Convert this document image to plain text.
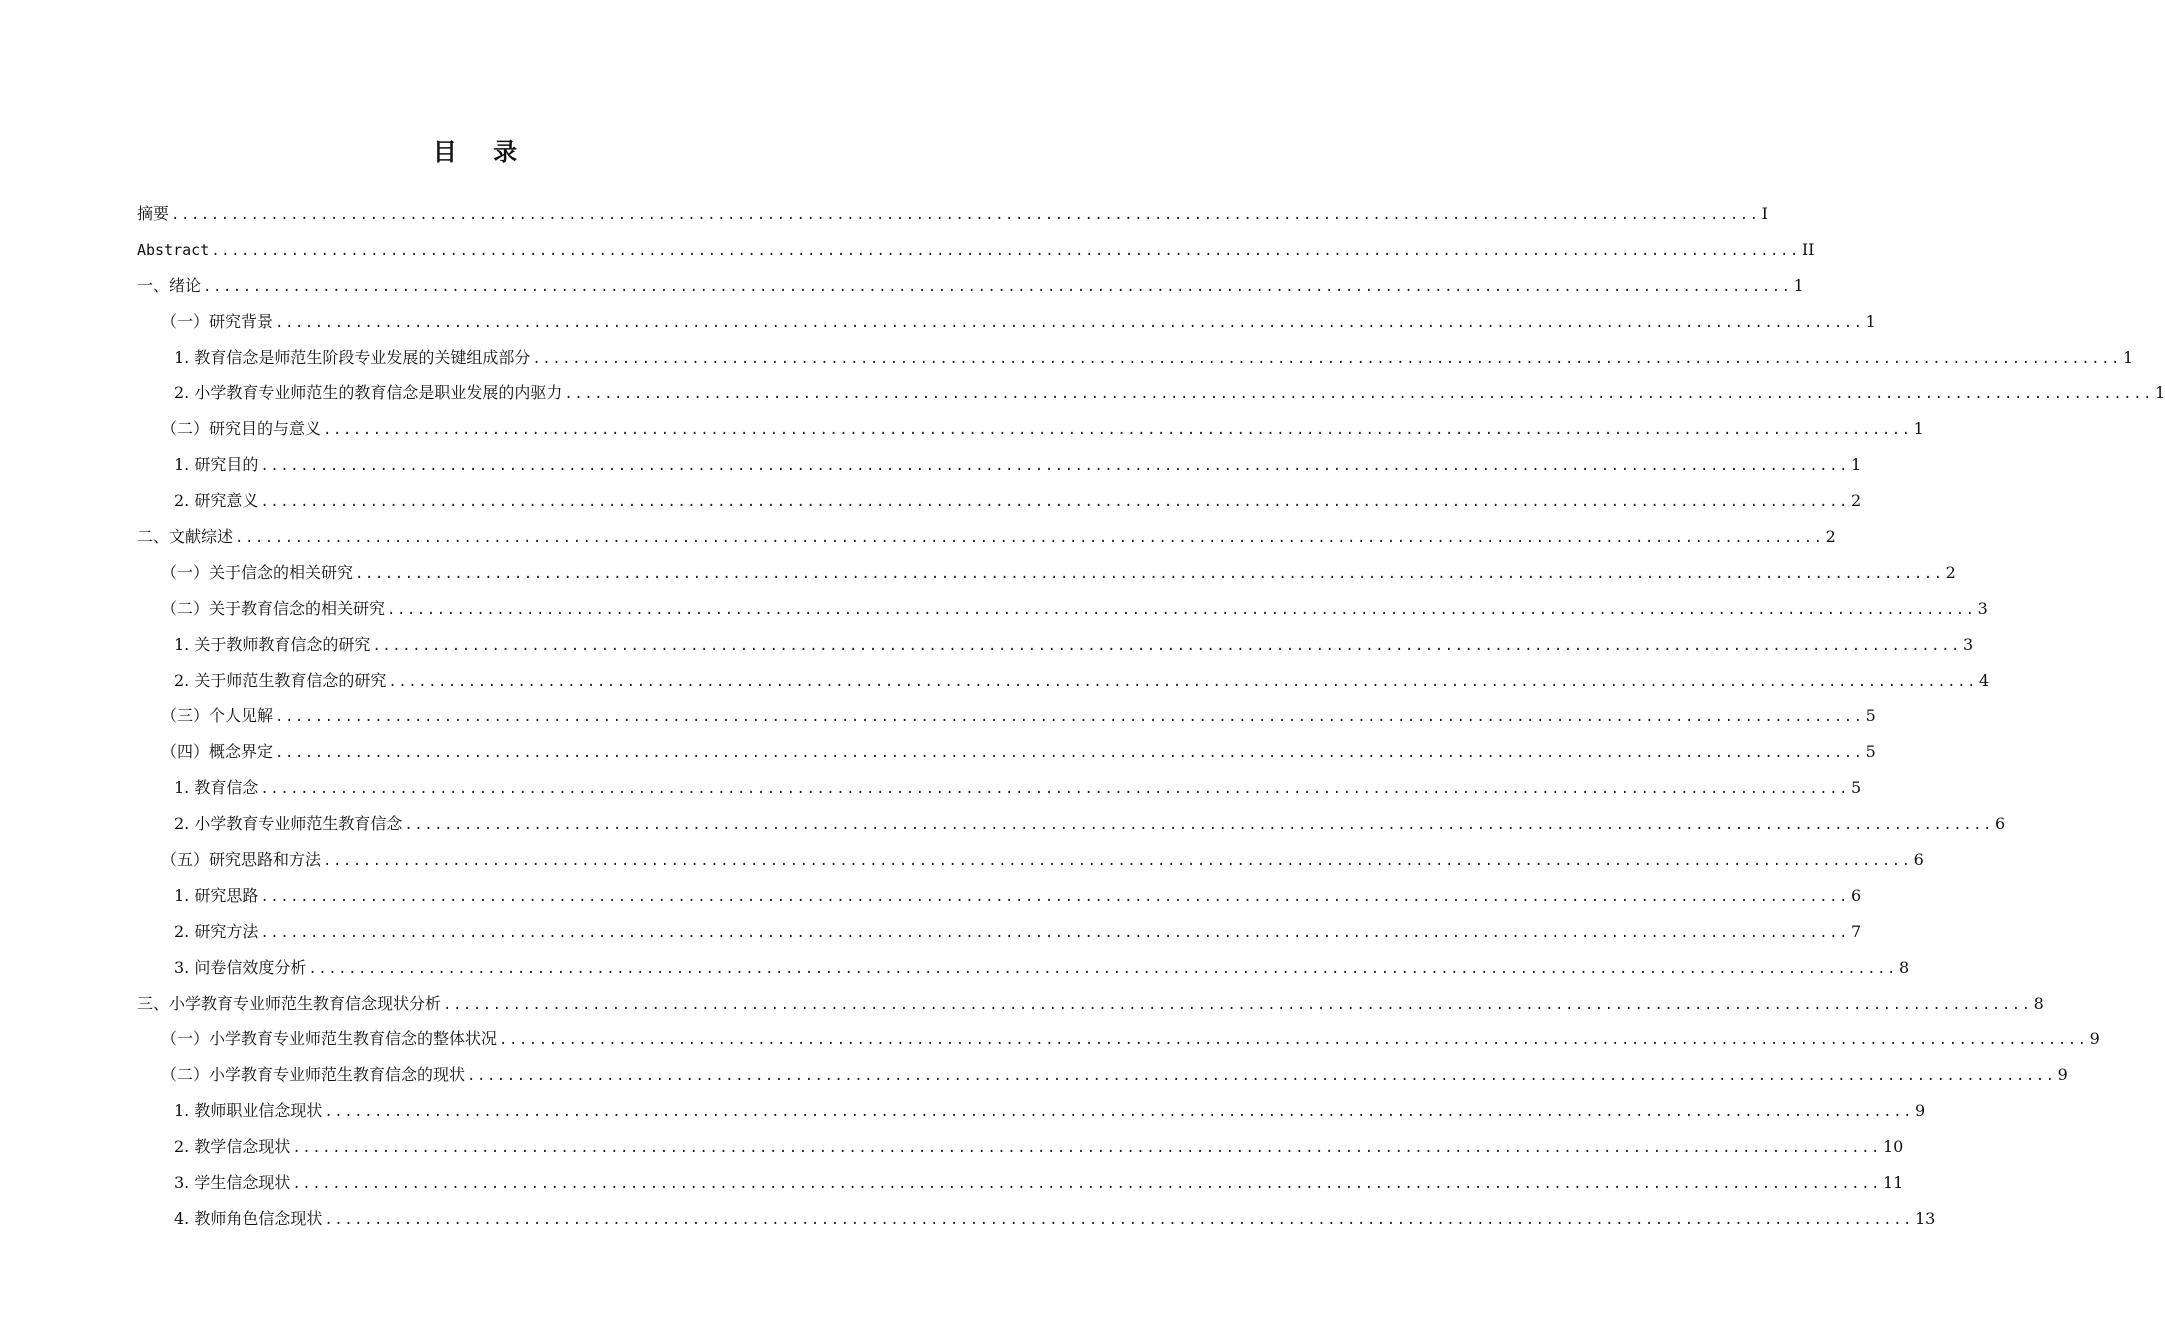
目 录
摘要 ................................................................................................................................................................ I
Abstract ................................................................................................................................................................ II
一、绪论 ................................................................................................................................................................ 1
（一）研究背景 ................................................................................................................................................................ 1
1. 教育信念是师范生阶段专业发展的关键组成部分 ................................................................................................................................................................ 1
2. 小学教育专业师范生的教育信念是职业发展的内驱力 ................................................................................................................................................................ 1
（二）研究目的与意义 ................................................................................................................................................................ 1
1. 研究目的 ................................................................................................................................................................ 1
2. 研究意义 ................................................................................................................................................................ 2
二、文献综述 ................................................................................................................................................................ 2
（一）关于信念的相关研究 ................................................................................................................................................................ 2
（二）关于教育信念的相关研究 ................................................................................................................................................................ 3
1. 关于教师教育信念的研究 ................................................................................................................................................................ 3
2. 关于师范生教育信念的研究 ................................................................................................................................................................ 4
（三）个人见解 ................................................................................................................................................................ 5
（四）概念界定 ................................................................................................................................................................ 5
1. 教育信念 ................................................................................................................................................................ 5
2. 小学教育专业师范生教育信念 ................................................................................................................................................................ 6
（五）研究思路和方法 ................................................................................................................................................................ 6
1. 研究思路 ................................................................................................................................................................ 6
2. 研究方法 ................................................................................................................................................................ 7
3. 问卷信效度分析 ................................................................................................................................................................ 8
三、小学教育专业师范生教育信念现状分析 ................................................................................................................................................................ 8
（一）小学教育专业师范生教育信念的整体状况 ................................................................................................................................................................ 9
（二）小学教育专业师范生教育信念的现状 ................................................................................................................................................................ 9
1. 教师职业信念现状 ................................................................................................................................................................ 9
2. 教学信念现状 ................................................................................................................................................................ 10
3. 学生信念现状 ................................................................................................................................................................ 11
4. 教师角色信念现状 ................................................................................................................................................................ 13
